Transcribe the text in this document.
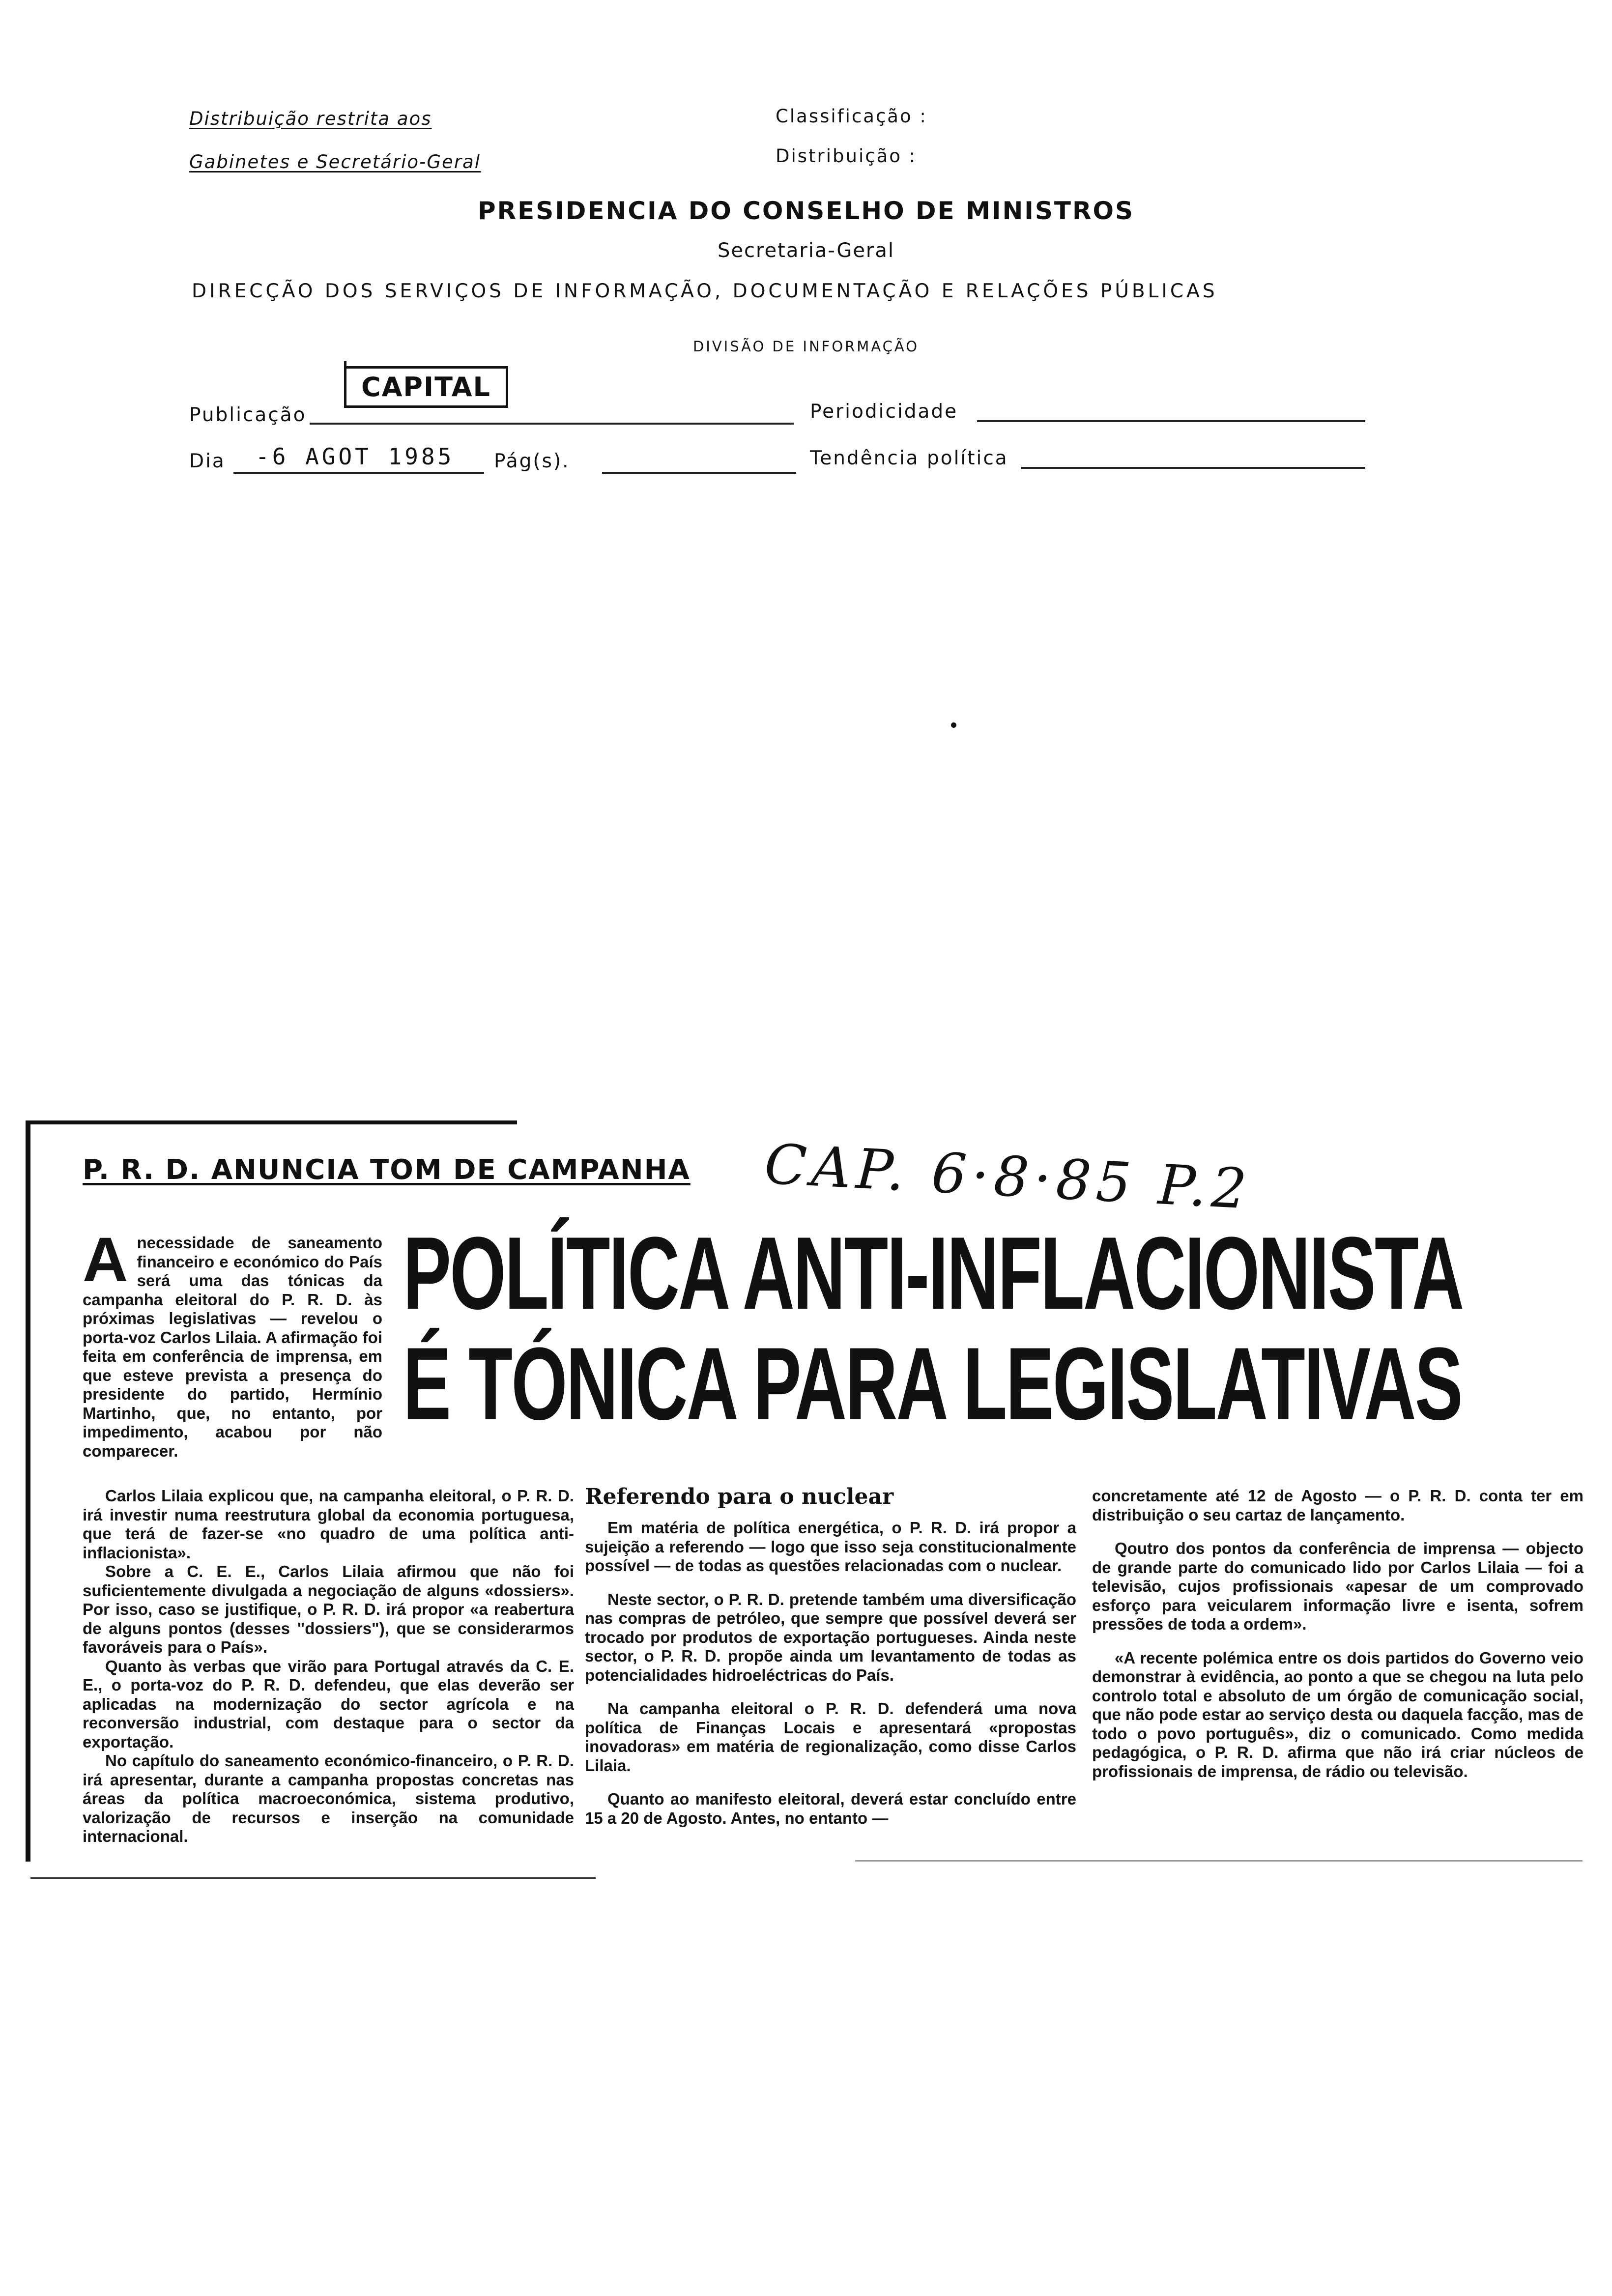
Distribuição restrita aos
Gabinetes e Secretário-Geral
Classificação :
Distribuição :
PRESIDENCIA DO CONSELHO DE MINISTROS
Secretaria-Geral
DIRECÇÃO DOS SERVIÇOS DE INFORMAÇÃO, DOCUMENTAÇÃO E RELAÇÕES PÚBLICAS
DIVISÃO DE INFORMAÇÃO
Publicação
CAPITAL
Periodicidade
Dia -6 AGOT 1985 Pág(s).	Tendência política
P. R. D. ANUNCIA TOM DE CAMPANHA CAP. 6·8·85 P.2
POLÍTICA ANTI-INFLACIONISTA
É TÓNICA PARA LEGISLATIVAS
A necessidade de saneamento financeiro e económico do País será uma das tónicas da campanha eleitoral do P. R. D. às próximas legislativas — revelou o porta-voz Carlos Lilaia. A afirmação foi feita em conferência de imprensa, em que esteve prevista a presença do presidente do partido, Hermínio Martinho, que, no entanto, por impedimento, acabou por não comparecer.

Carlos Lilaia explicou que, na campanha eleitoral, o P. R. D. irá investir numa reestrutura global da economia portuguesa, que terá de fazer-se «no quadro de uma política anti-inflacionista».

Sobre a C. E. E., Carlos Lilaia afirmou que não foi suficientemente divulgada a negociação de alguns «dossiers». Por isso, caso se justifique, o P. R. D. irá propor «a reabertura de alguns pontos (desses "dossiers"), que se considerarmos favoráveis para o País».

Quanto às verbas que virão para Portugal através da C. E. E., o porta-voz do P. R. D. defendeu, que elas deverão ser aplicadas na modernização do sector agrícola e na reconversão industrial, com destaque para o sector da exportação.

No capítulo do saneamento económico-financeiro, o P. R. D. irá apresentar, durante a campanha propostas concretas nas áreas da política macroeconómica, sistema produtivo, valorização de recursos e inserção na comunidade internacional.

Referendo para o nuclear

Em matéria de política energética, o P. R. D. irá propor a sujeição a referendo — logo que isso seja constitucionalmente possível — de todas as questões relacionadas com o nuclear.

Neste sector, o P. R. D. pretende também uma diversificação nas compras de petróleo, que sempre que possível deverá ser trocado por produtos de exportação portugueses. Ainda neste sector, o P. R. D. propõe ainda um levantamento de todas as potencialidades hidroeléctricas do País.

Na campanha eleitoral o P. R. D. defenderá uma nova política de Finanças Locais e apresentará «propostas inovadoras» em matéria de regionalização, como disse Carlos Lilaia.

Quanto ao manifesto eleitoral, deverá estar concluído entre 15 a 20 de Agosto. Antes, no entanto —

concretamente até 12 de Agosto — o P. R. D. conta ter em distribuição o seu cartaz de lançamento.

Qoutro dos pontos da conferência de imprensa — objecto de grande parte do comunicado lido por Carlos Lilaia — foi a televisão, cujos profissionais «apesar de um comprovado esforço para veicularem informação livre e isenta, sofrem pressões de toda a ordem».

«A recente polémica entre os dois partidos do Governo veio demonstrar à evidência, ao ponto a que se chegou na luta pelo controlo total e absoluto de um órgão de comunicação social, que não pode estar ao serviço desta ou daquela facção, mas de todo o povo português», diz o comunicado. Como medida pedagógica, o P. R. D. afirma que não irá criar núcleos de profissionais de imprensa, de rádio ou televisão.
